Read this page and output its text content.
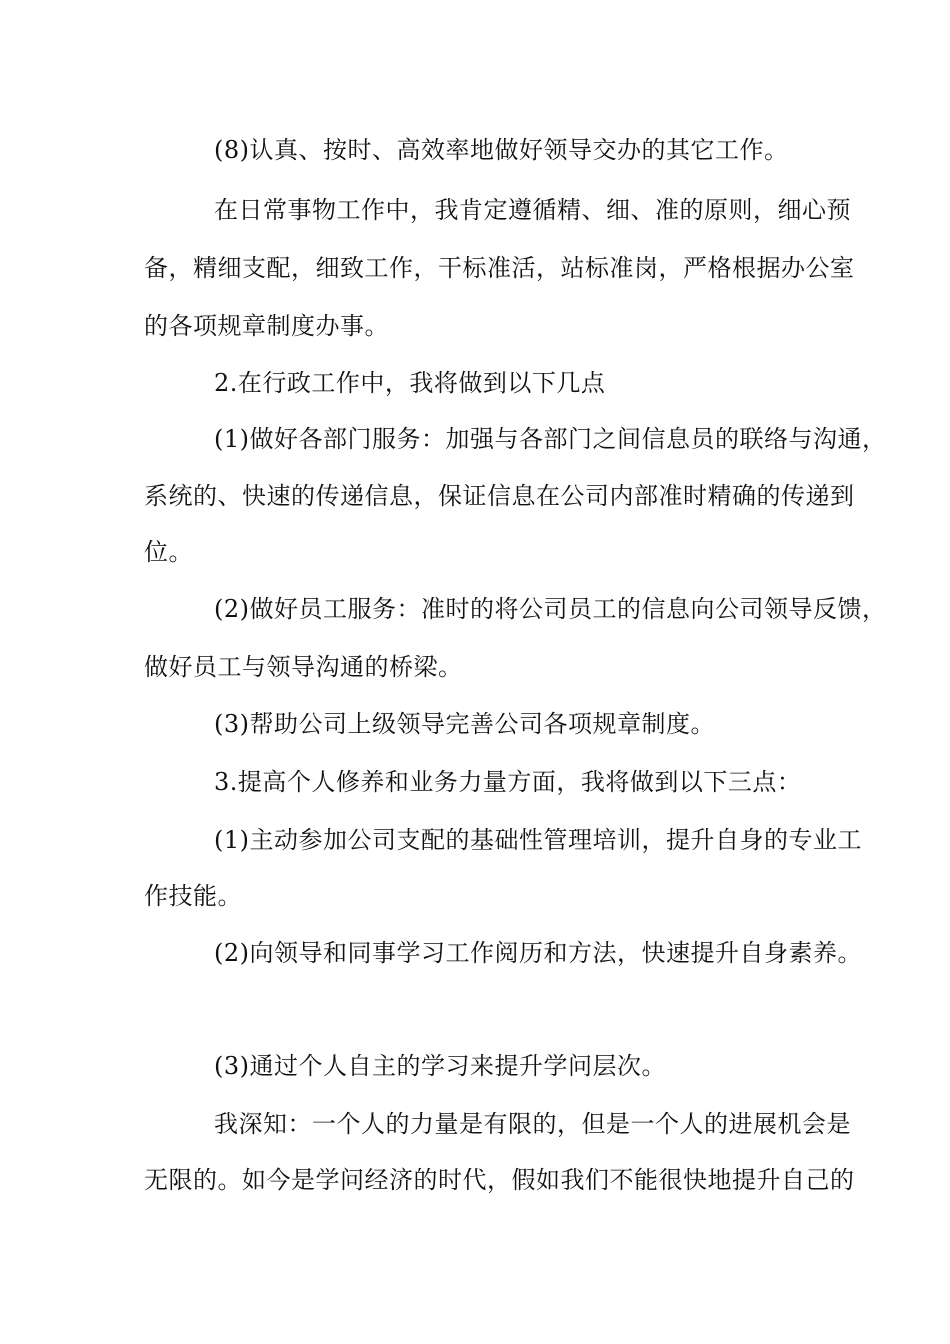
(8)认真、按时、高效率地做好领导交办的其它工作。
在日常事物工作中，我肯定遵循精、细、准的原则，细心预
备，精细支配，细致工作，干标准活，站标准岗，严格根据办公室
的各项规章制度办事。
2.在行政工作中，我将做到以下几点
(1)做好各部门服务：加强与各部门之间信息员的联络与沟通，
系统的、快速的传递信息，保证信息在公司内部准时精确的传递到
位。
(2)做好员工服务：准时的将公司员工的信息向公司领导反馈，
做好员工与领导沟通的桥梁。
(3)帮助公司上级领导完善公司各项规章制度。
3.提高个人修养和业务力量方面，我将做到以下三点：
(1)主动参加公司支配的基础性管理培训，提升自身的专业工
作技能。
(2)向领导和同事学习工作阅历和方法，快速提升自身素养。
(3)通过个人自主的学习来提升学问层次。
我深知：一个人的力量是有限的，但是一个人的进展机会是
无限的。如今是学问经济的时代，假如我们不能很快地提升自己的
